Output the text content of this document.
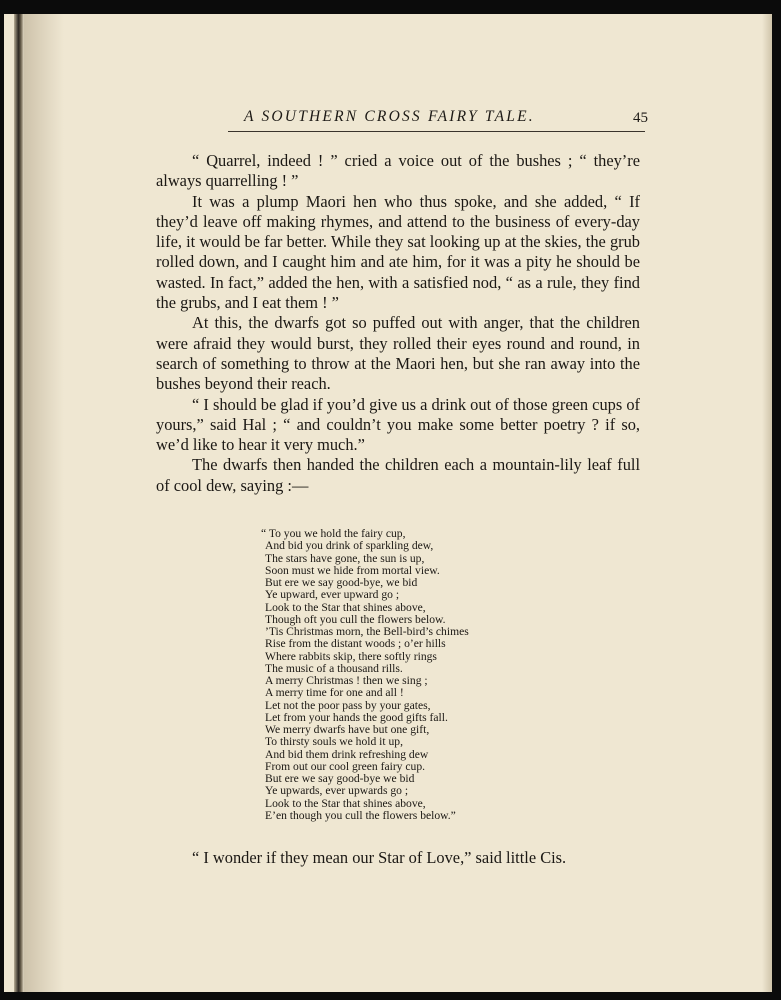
A SOUTHERN CROSS FAIRY TALE.	45

“ Quarrel, indeed ! ” cried a voice out of the bushes ; “ they’re always quarrelling ! ”

It was a plump Maori hen who thus spoke, and she added, “ If they’d leave off making rhymes, and attend to the business of every-day life, it would be far better. While they sat looking up at the skies, the grub rolled down, and I caught him and ate him, for it was a pity he should be wasted. In fact,” added the hen, with a satisfied nod, “ as a rule, they find the grubs, and I eat them ! ”

At this, the dwarfs got so puffed out with anger, that the children were afraid they would burst, they rolled their eyes round and round, in search of something to throw at the Maori hen, but she ran away into the bushes beyond their reach.

“ I should be glad if you’d give us a drink out of those green cups of yours,” said Hal ; “ and couldn’t you make some better poetry ? if so, we’d like to hear it very much.”

The dwarfs then handed the children each a mountain-lily leaf full of cool dew, saying :—

“ To you we hold the fairy cup,
And bid you drink of sparkling dew,
The stars have gone, the sun is up,
Soon must we hide from mortal view.
But ere we say good-bye, we bid
Ye upward, ever upward go ;
Look to the Star that shines above,
Though oft you cull the flowers below.
’Tis Christmas morn, the Bell-bird’s chimes
Rise from the distant woods ; o’er hills
Where rabbits skip, there softly rings
The music of a thousand rills.
A merry Christmas ! then we sing ;
A merry time for one and all !
Let not the poor pass by your gates,
Let from your hands the good gifts fall.
We merry dwarfs have but one gift,
To thirsty souls we hold it up,
And bid them drink refreshing dew
From out our cool green fairy cup.
But ere we say good-bye we bid
Ye upwards, ever upwards go ;
Look to the Star that shines above,
E’en though you cull the flowers below.”
“ I wonder if they mean our Star of Love,” said little Cis.
